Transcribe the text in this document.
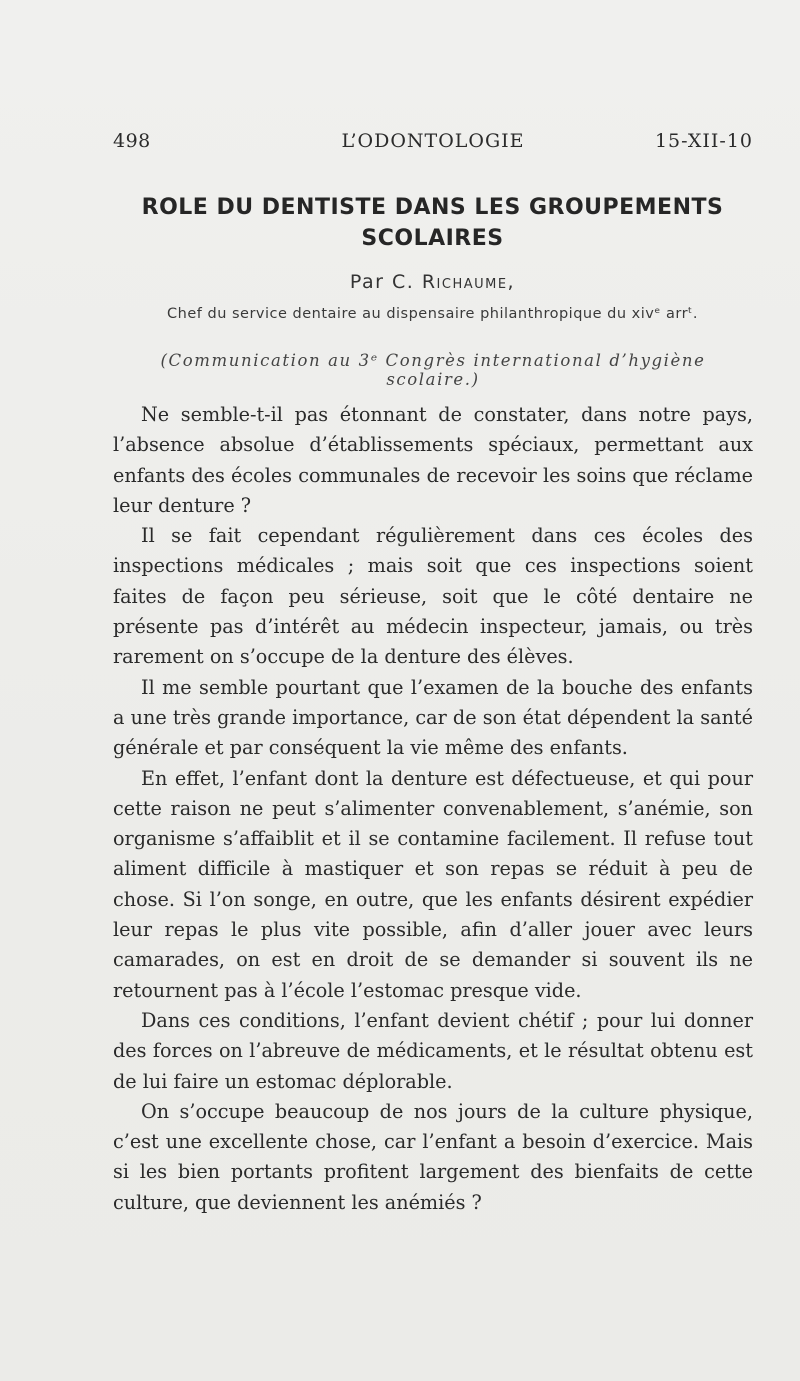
498	L’ODONTOLOGIE	15-XII-10
ROLE DU DENTISTE DANS LES GROUPEMENTS
SCOLAIRES
Par C. Richaume,
Chef du service dentaire au dispensaire philanthropique du xivᵉ arrᵗ.
(Communication au 3ᵉ Congrès international d’hygiène scolaire.)

Ne semble-t-il pas étonnant de constater, dans notre pays, l’absence absolue d’établissements spéciaux, permettant aux enfants des écoles communales de recevoir les soins que réclame leur denture ?

Il se fait cependant régulièrement dans ces écoles des inspections médicales ; mais soit que ces inspections soient faites de façon peu sérieuse, soit que le côté dentaire ne présente pas d’intérêt au médecin inspecteur, jamais, ou très rarement on s’occupe de la denture des élèves.

Il me semble pourtant que l’examen de la bouche des enfants a une très grande importance, car de son état dépendent la santé générale et par conséquent la vie même des enfants.

En effet, l’enfant dont la denture est défectueuse, et qui pour cette raison ne peut s’alimenter convenablement, s’anémie, son organisme s’affaiblit et il se contamine facilement. Il refuse tout aliment difficile à mastiquer et son repas se réduit à peu de chose. Si l’on songe, en outre, que les enfants désirent expédier leur repas le plus vite possible, afin d’aller jouer avec leurs camarades, on est en droit de se demander si souvent ils ne retournent pas à l’école l’estomac presque vide.

Dans ces conditions, l’enfant devient chétif ; pour lui donner des forces on l’abreuve de médicaments, et le résultat obtenu est de lui faire un estomac déplorable.

On s’occupe beaucoup de nos jours de la culture physique, c’est une excellente chose, car l’enfant a besoin d’exercice. Mais si les bien portants profitent largement des bienfaits de cette culture, que deviennent les anémiés ?
